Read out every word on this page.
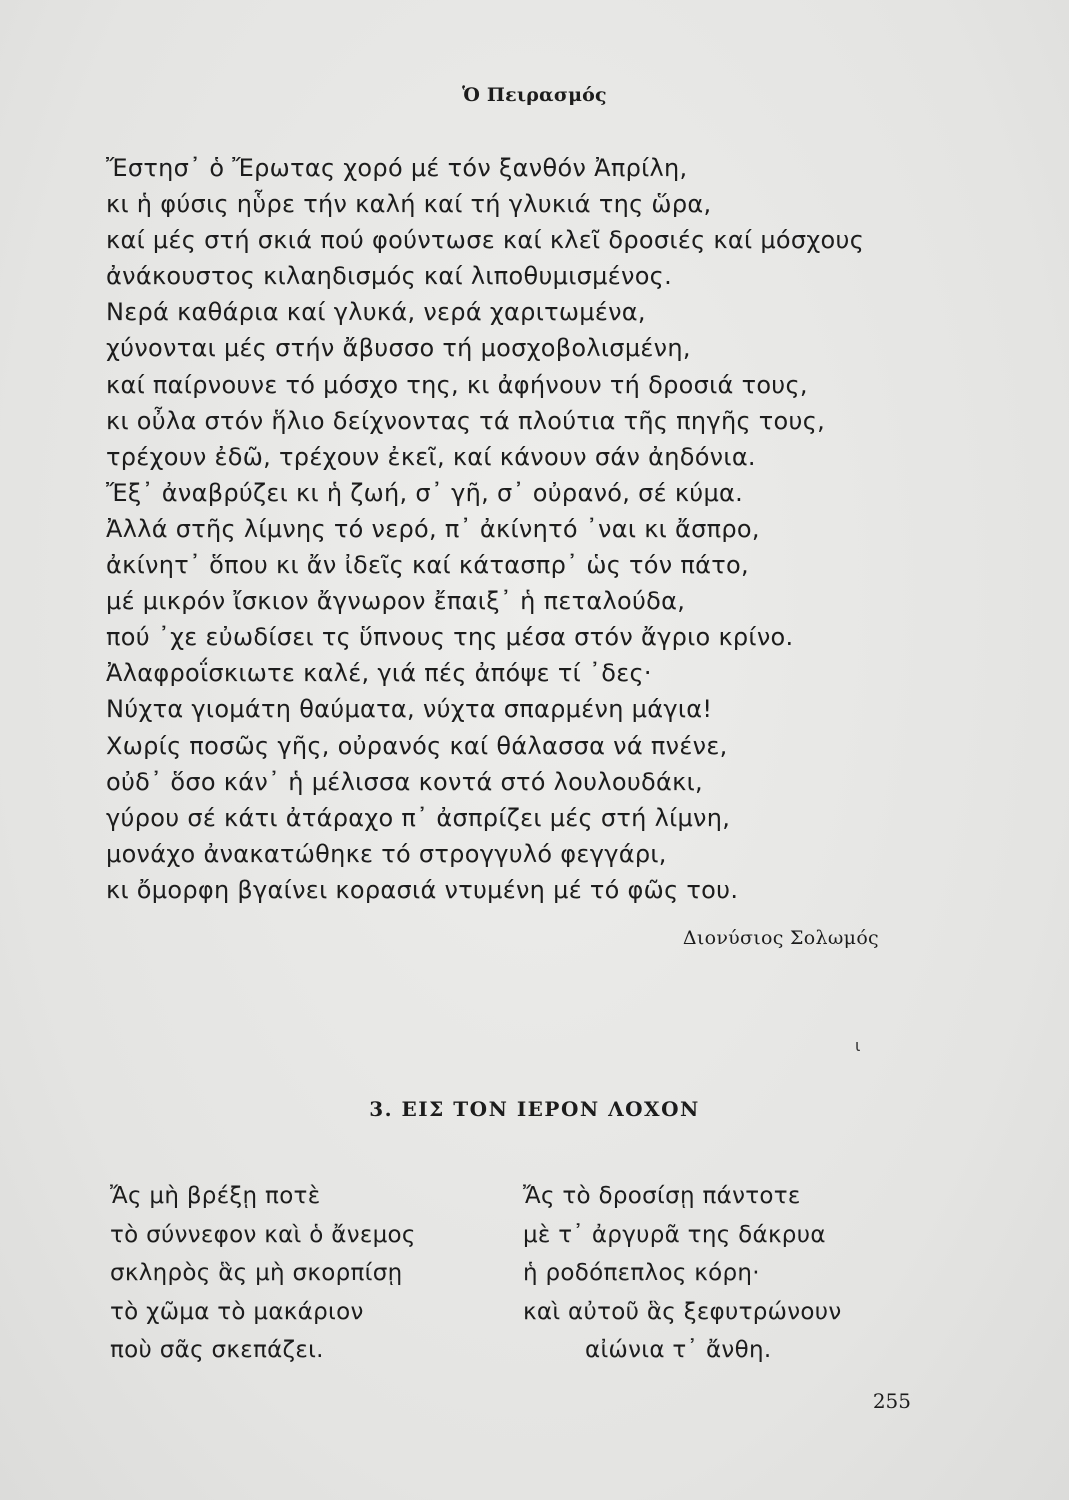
Ὁ Πειρασμός
Ἔστησ᾽ ὁ Ἔρωτας χορό μέ τόν ξανθόν Ἀπρίλη,
κι ἡ φύσις ηὗρε τήν καλή καί τή γλυκιά της ὥρα,
καί μές στή σκιά πού φούντωσε καί κλεῖ δροσιές καί μόσχους
ἀνάκουστος κιλαηδισμός καί λιποθυμισμένος.
Νερά καθάρια καί γλυκά, νερά χαριτωμένα,
χύνονται μές στήν ἄβυσσο τή μοσχοβολισμένη,
καί παίρνουνε τό μόσχο της, κι ἀφήνουν τή δροσιά τους,
κι οὖλα στόν ἥλιο δείχνοντας τά πλούτια τῆς πηγῆς τους,
τρέχουν ἐδῶ, τρέχουν ἐκεῖ, καί κάνουν σάν ἀηδόνια.
Ἔξ᾽ ἀναβρύζει κι ἡ ζωή, σ᾽ γῆ, σ᾽ οὐρανό, σέ κύμα.
Ἀλλά στῆς λίμνης τό νερό, π᾽ ἀκίνητό ᾽ναι κι ἄσπρο,
ἀκίνητ᾽ ὅπου κι ἄν ἰδεῖς καί κάτασπρ᾽ ὡς τόν πάτο,
μέ μικρόν ἴσκιον ἄγνωρον ἔπαιξ᾽ ἡ πεταλούδα,
πού ᾽χε εὐωδίσει τς ὕπνους της μέσα στόν ἄγριο κρίνο.
Ἀλαφροΐσκιωτε καλέ, γιά πές ἀπόψε τί ᾽δες·
Νύχτα γιομάτη θαύματα, νύχτα σπαρμένη μάγια!
Χωρίς ποσῶς γῆς, οὐρανός καί θάλασσα νά πνένε,
οὐδ᾽ ὅσο κάν᾽ ἡ μέλισσα κοντά στό λουλουδάκι,
γύρου σέ κάτι ἀτάραχο π᾽ ἀσπρίζει μές στή λίμνη,
μονάχο ἀνακατώθηκε τό στρογγυλό φεγγάρι,
κι ὄμορφη βγαίνει κορασιά ντυμένη μέ τό φῶς του.
Διονύσιος Σολωμός
ι
3. ΕΙΣ ΤΟΝ ΙΕΡΟΝ ΛΟΧΟΝ
Ἄς μὴ βρέξῃ ποτὲ
τὸ σύννεφον καὶ ὁ ἄνεμος
σκληρὸς ἃς μὴ σκορπίσῃ
τὸ χῶμα τὸ μακάριον
ποὺ σᾶς σκεπάζει.
Ἄς τὸ δροσίσῃ πάντοτε
μὲ τ᾽ ἀργυρᾶ της δάκρυα
ἡ ροδόπεπλος κόρη·
καὶ αὐτοῦ ἃς ξεφυτρώνουν
αἰώνια τ᾽ ἄνθη.
255
